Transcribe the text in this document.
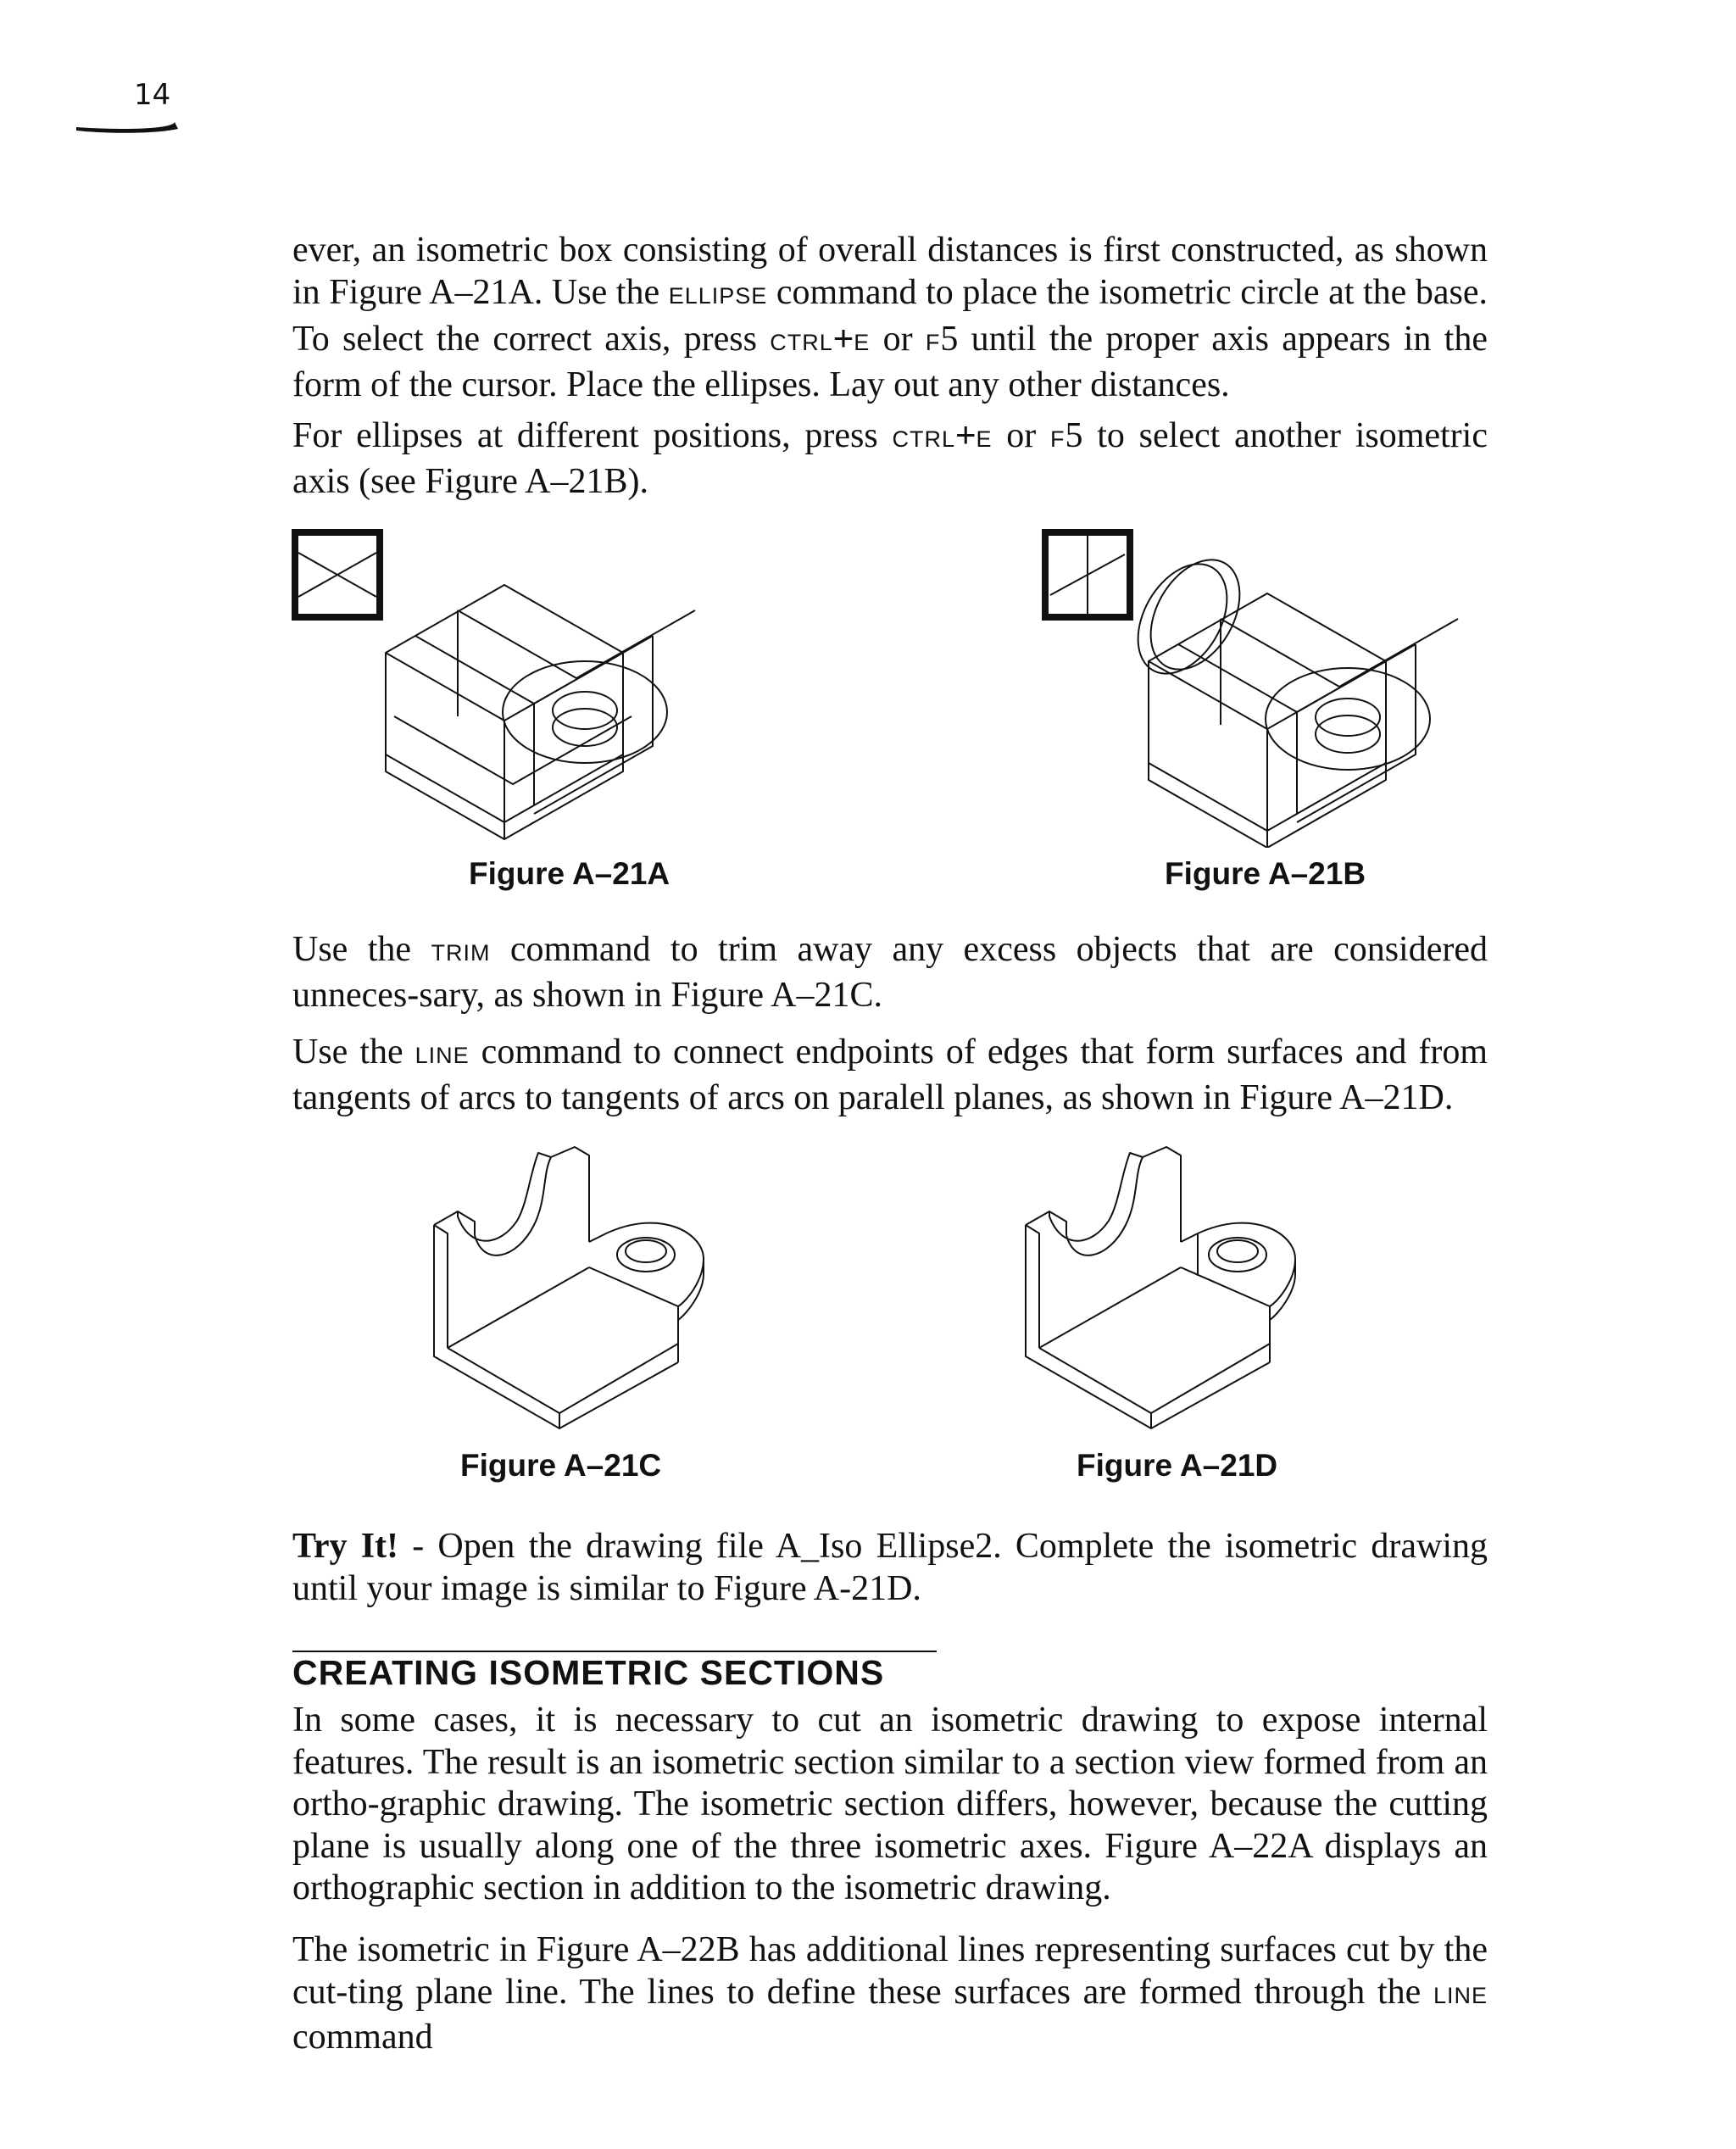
14

ever, an isometric box consisting of overall distances is first constructed, as shown in Figure A–21A. Use the ELLIPSE command to place the isometric circle at the base. To select the correct axis, press CTRL+E or F5 until the proper axis appears in the form of the cursor. Place the ellipses. Lay out any other distances.

For ellipses at different positions, press CTRL+E or F5 to select another isometric axis (see Figure A–21B).

Figure A–21A	Figure A–21B

Use the TRIM command to trim away any excess objects that are considered unneces-sary, as shown in Figure A–21C.

Use the LINE command to connect endpoints of edges that form surfaces and from tangents of arcs to tangents of arcs on paralell planes, as shown in Figure A–21D.

Figure A–21C	Figure A–21D

Try It! - Open the drawing file A_Iso Ellipse2. Complete the isometric drawing until your image is similar to Figure A-21D.

CREATING ISOMETRIC SECTIONS

In some cases, it is necessary to cut an isometric drawing to expose internal features. The result is an isometric section similar to a section view formed from an ortho-graphic drawing. The isometric section differs, however, because the cutting plane is usually along one of the three isometric axes. Figure A–22A displays an orthographic section in addition to the isometric drawing.

The isometric in Figure A–22B has additional lines representing surfaces cut by the cut-ting plane line. The lines to define these surfaces are formed through the LINE command
